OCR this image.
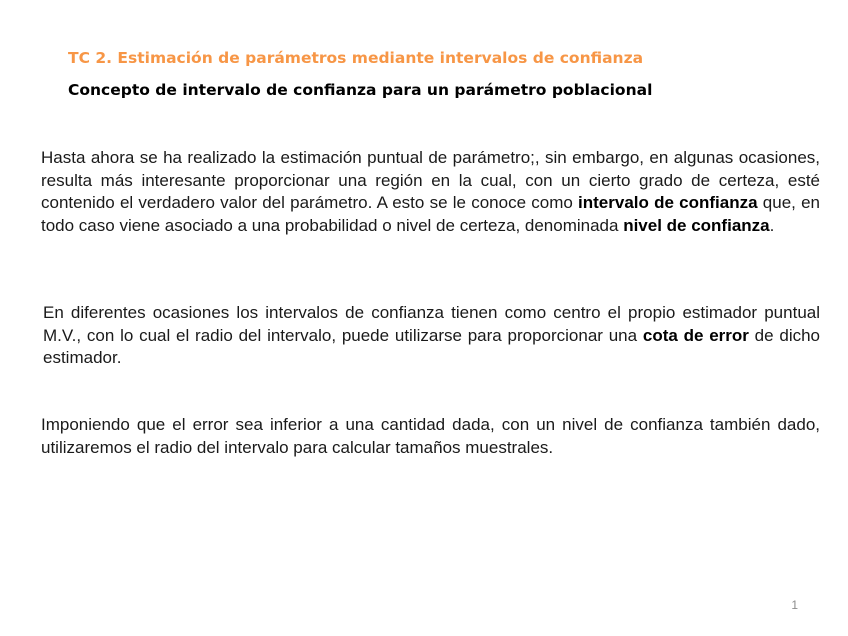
TC 2. Estimación de parámetros mediante intervalos de confianza
Concepto de intervalo de confianza para un parámetro poblacional

Hasta ahora se ha realizado la estimación puntual de parámetro;, sin embargo, en algunas ocasiones, resulta más interesante proporcionar una región en la cual, con un cierto grado de certeza, esté contenido el verdadero valor del parámetro. A esto se le conoce como intervalo de confianza que, en todo caso viene asociado a una probabilidad o nivel de certeza, denominada nivel de confianza.

En diferentes ocasiones los intervalos de confianza tienen como centro el propio estimador puntual M.V., con lo cual el radio del intervalo, puede utilizarse para proporcionar una cota de error de dicho estimador.

Imponiendo que el error sea inferior a una cantidad dada, con un nivel de confianza también dado, utilizaremos el radio del intervalo para calcular tamaños muestrales.

1
